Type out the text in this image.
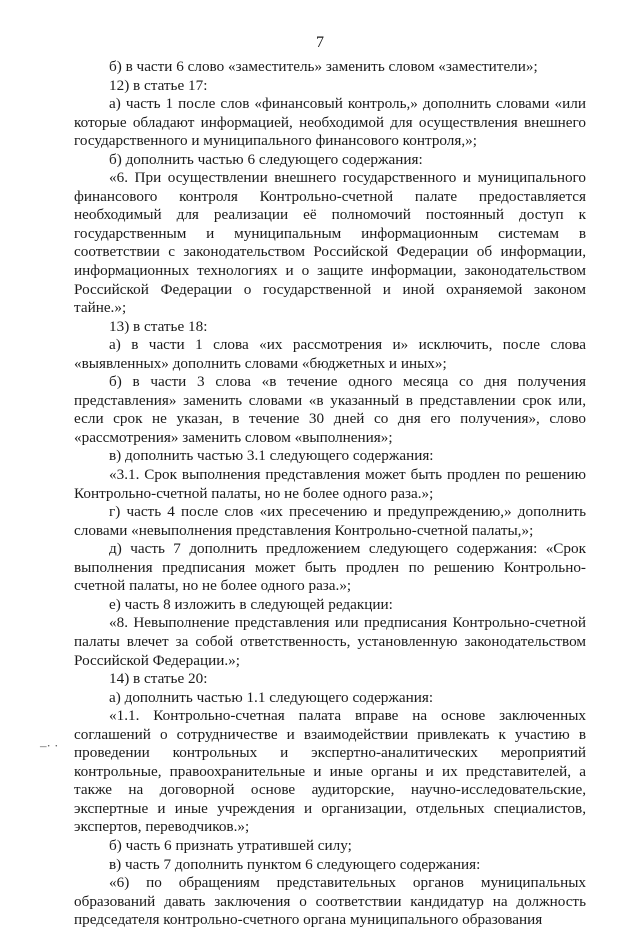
7
–· ·

б) в части 6 слово «заместитель» заменить словом «заместители»;

12) в статье 17:

а) часть 1 после слов «финансовый контроль,» дополнить словами «или которые обладают информацией, необходимой для осуществления внешнего государственного и муниципального финансового контроля,»;

б) дополнить частью 6 следующего содержания:

«6. При осуществлении внешнего государственного и муниципального финансового контроля Контрольно-счетной палате предоставляется необходимый для реализации её полномочий постоянный доступ к государственным и муниципальным информационным системам в соответствии с законодательством Российской Федерации об информации, информационных технологиях и о защите информации, законодательством Российской Федерации о государственной и иной охраняемой законом тайне.»;

13) в статье 18:

а) в части 1 слова «их рассмотрения и» исключить, после слова «выявленных» дополнить словами «бюджетных и иных»;

б) в части 3 слова «в течение одного месяца со дня получения представления» заменить словами «в указанный в представлении срок или, если срок не указан, в течение 30 дней со дня его получения», слово «рассмотрения» заменить словом «выполнения»;

в) дополнить частью 3.1 следующего содержания:

«3.1. Срок выполнения представления может быть продлен по решению Контрольно-счетной палаты, но не более одного раза.»;

г) часть 4 после слов «их пресечению и предупреждению,» дополнить словами «невыполнения представления Контрольно-счетной палаты,»;

д) часть 7 дополнить предложением следующего содержания: «Срок выполнения предписания может быть продлен по решению Контрольно-счетной палаты, но не более одного раза.»;

е) часть 8 изложить в следующей редакции:

«8. Невыполнение представления или предписания Контрольно-счетной палаты влечет за собой ответственность, установленную законодательством Российской Федерации.»;

14) в статье 20:

а) дополнить частью 1.1 следующего содержания:

«1.1. Контрольно-счетная палата вправе на основе заключенных соглашений о сотрудничестве и взаимодействии привлекать к участию в проведении контрольных и экспертно-аналитических мероприятий контрольные, правоохранительные и иные органы и их представителей, а также на договорной основе аудиторские, научно-исследовательские, экспертные и иные учреждения и организации, отдельных специалистов, экспертов, переводчиков.»;

б) часть 6 признать утратившей силу;

в) часть 7 дополнить пунктом 6 следующего содержания:

«6) по обращениям представительных органов муниципальных образований давать заключения о соответствии кандидатур на должность председателя контрольно-счетного органа муниципального образования
